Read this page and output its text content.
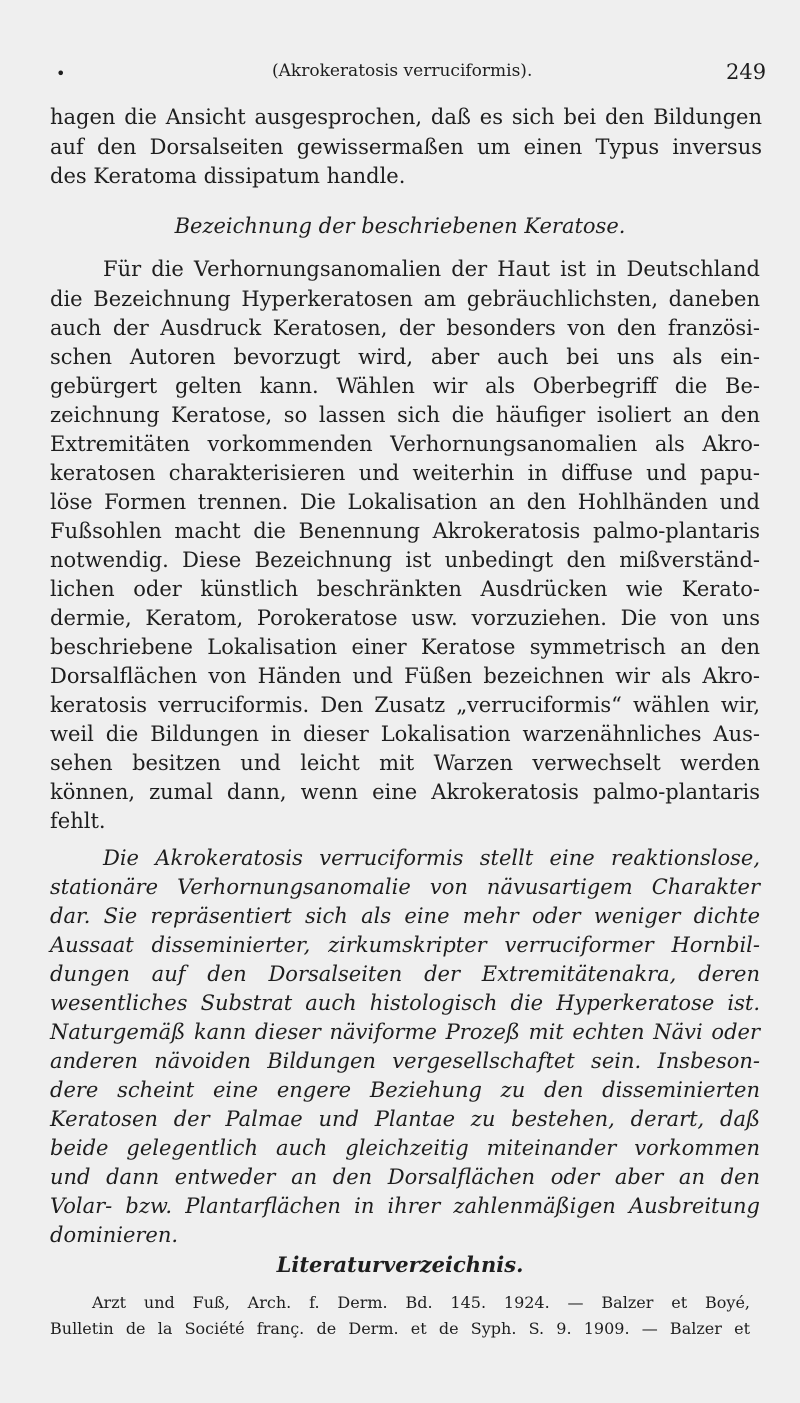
•	(Akrokeratosis verruciformis).	249
hagen die Ansicht ausgesprochen, daß es sich bei den Bildungen
auf den Dorsalseiten gewissermaßen um einen Typus inversus
des Keratoma dissipatum handle.
Bezeichnung der beschriebenen Keratose.
Für die Verhornungsanomalien der Haut ist in Deutschland
die Bezeichnung Hyperkeratosen am gebräuchlichsten, daneben
auch der Ausdruck Keratosen, der besonders von den französi-
schen Autoren bevorzugt wird, aber auch bei uns als ein-
gebürgert gelten kann. Wählen wir als Oberbegriff die Be-
zeichnung Keratose, so lassen sich die häufiger isoliert an den
Extremitäten vorkommenden Verhornungsanomalien als Akro-
keratosen charakterisieren und weiterhin in diffuse und papu-
löse Formen trennen. Die Lokalisation an den Hohlhänden und
Fußsohlen macht die Benennung Akrokeratosis palmo-plantaris
notwendig. Diese Bezeichnung ist unbedingt den mißverständ-
lichen oder künstlich beschränkten Ausdrücken wie Kerato-
dermie, Keratom, Porokeratose usw. vorzuziehen. Die von uns
beschriebene Lokalisation einer Keratose symmetrisch an den
Dorsalflächen von Händen und Füßen bezeichnen wir als Akro-
keratosis verruciformis. Den Zusatz „verruciformis“ wählen wir,
weil die Bildungen in dieser Lokalisation warzenähnliches Aus-
sehen besitzen und leicht mit Warzen verwechselt werden
können, zumal dann, wenn eine Akrokeratosis palmo-plantaris
fehlt.
Die Akrokeratosis verruciformis stellt eine reaktionslose,
stationäre Verhornungsanomalie von nävusartigem Charakter
dar. Sie repräsentiert sich als eine mehr oder weniger dichte
Aussaat disseminierter, zirkumskripter verruciformer Hornbil-
dungen auf den Dorsalseiten der Extremitätenakra, deren
wesentliches Substrat auch histologisch die Hyperkeratose ist.
Naturgemäß kann dieser näviforme Prozeß mit echten Nävi oder
anderen nävoiden Bildungen vergesellschaftet sein. Insbeson-
dere scheint eine engere Beziehung zu den disseminierten
Keratosen der Palmae und Plantae zu bestehen, derart, daß
beide gelegentlich auch gleichzeitig miteinander vorkommen
und dann entweder an den Dorsalflächen oder aber an den
Volar- bzw. Plantarflächen in ihrer zahlenmäßigen Ausbreitung
dominieren.
Literaturverzeichnis.
Arzt und Fuß, Arch. f. Derm. Bd. 145. 1924. — Balzer et Boyé,
Bulletin de la Société franç. de Derm. et de Syph. S. 9. 1909. — Balzer et
